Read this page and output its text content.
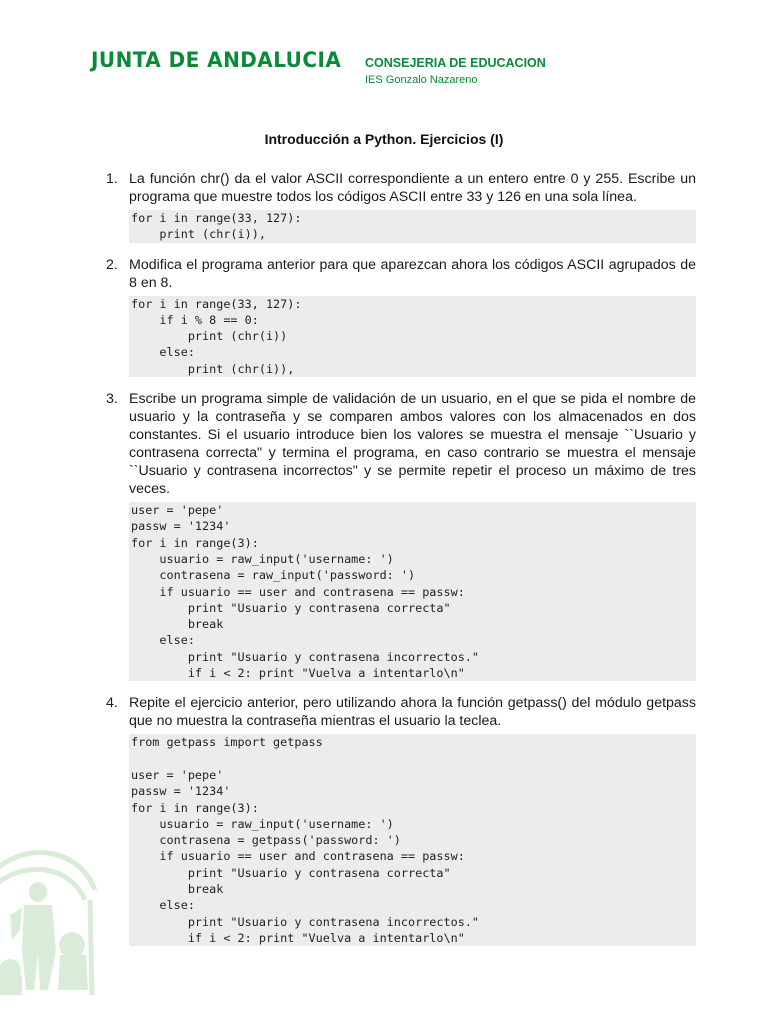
JUNTA DE ANDALUCIA CONSEJERIA DE EDUCACION
IES Gonzalo Nazareno
Introducción a Python. Ejercicios (I)
1. La función chr() da el valor ASCII correspondiente a un entero entre 0 y 255. Escribe un programa que muestre todos los códigos ASCII entre 33 y 126 en una sola línea.
for i in range(33, 127):
print (chr(i)),
2. Modifica el programa anterior para que aparezcan ahora los códigos ASCII agrupados de 8 en 8.
for i in range(33, 127):
if i % 8 == 0:
print (chr(i))
else:
print (chr(i)),
3. Escribe un programa simple de validación de un usuario, en el que se pida el nombre de usuario y la contraseña y se comparen ambos valores con los almacenados en dos constantes. Si el usuario introduce bien los valores se muestra el mensaje ``Usuario y contrasena correcta" y termina el programa, en caso contrario se muestra el mensaje ``Usuario y contrasena incorrectos" y se permite repetir el proceso un máximo de tres veces.
user = 'pepe'
passw = '1234'
for i in range(3):
usuario = raw_input('username: ')
contrasena = raw_input('password: ')
if usuario == user and contrasena == passw:
print "Usuario y contrasena correcta"
break
else:
print "Usuario y contrasena incorrectos."
if i < 2: print "Vuelva a intentarlo\n"
4. Repite el ejercicio anterior, pero utilizando ahora la función getpass() del módulo getpass que no muestra la contraseña mientras el usuario la teclea.
from getpass import getpass

user = 'pepe'
passw = '1234'
for i in range(3):
usuario = raw_input('username: ')
contrasena = getpass('password: ')
if usuario == user and contrasena == passw:
print "Usuario y contrasena correcta"
break
else:
print "Usuario y contrasena incorrectos."
if i < 2: print "Vuelva a intentarlo\n"
